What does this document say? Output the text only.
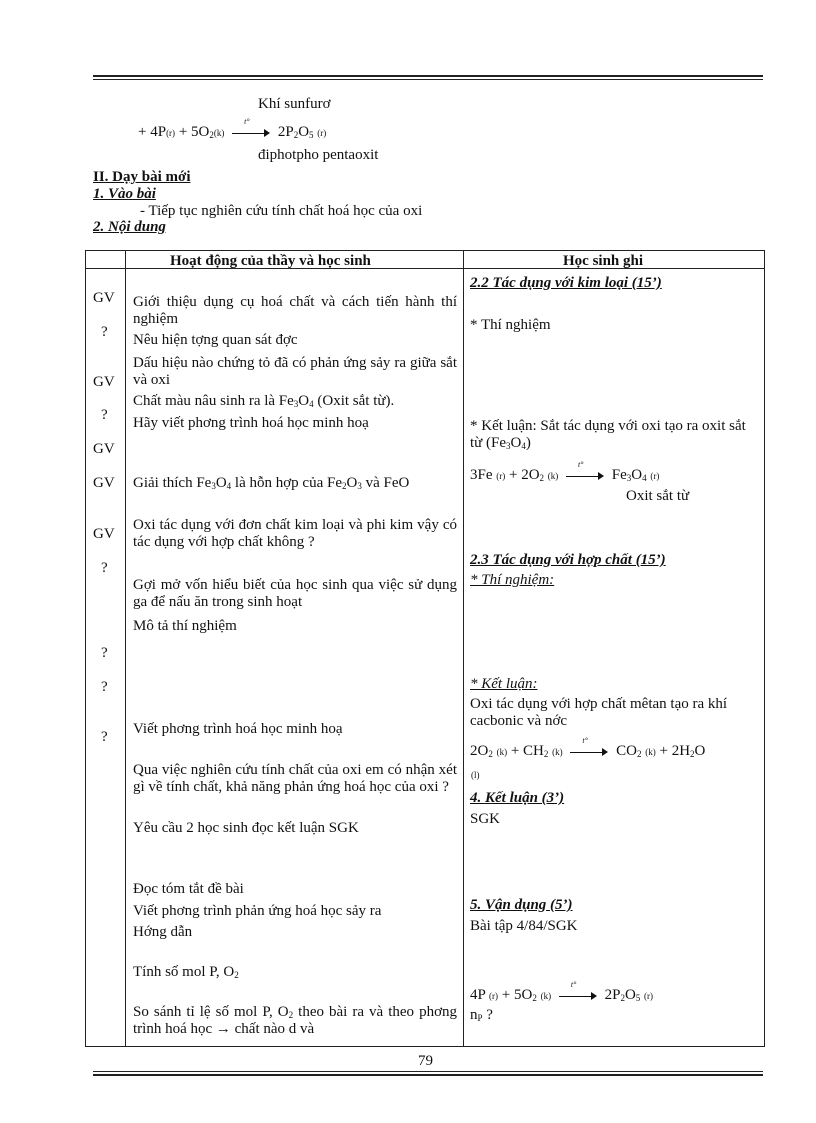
Khí sunfurơ
+ $4P(r) + 5O_2(k)$
t°
$2P_2O_5$ (r)
điphotpho pentaoxit
II. Dạy bài mới
1. Vào bài
- Tiếp tục nghiên cứu tính chất hoá học của oxi
2. Nội dung
Hoạt động của thầy và học sinh	Học sinh ghi
GV
?
GV
?
GV
GV
GV
?
?
?
?
Giới thiệu dụng cụ hoá chất và cách tiến hành thí nghiệm
Nêu hiện tợng quan sát đợc
Dấu hiệu nào chứng tỏ đã có phản ứng sảy ra giữa sắt và oxi
Chất màu nâu sinh ra là $Fe_3O_4$ (Oxit sắt từ).
Hãy viết phơng trình hoá học minh hoạ
Giải thích $Fe_3O_4$ là hỗn hợp của $Fe_2O_3$ và FeO
Oxi tác dụng với đơn chất kim loại và phi kim vậy có tác dụng với hợp chất không ?
Gợi mở vốn hiểu biết của học sinh qua việc sử dụng ga để nấu ăn trong sinh hoạt
Mô tả thí nghiệm
Viết phơng trình hoá học minh hoạ
Qua việc nghiên cứu tính chất của oxi em có nhận xét gì về tính chất, khả năng phản ứng hoá học của oxi ?
Yêu cầu 2 học sinh đọc kết luận SGK
Đọc tóm tắt đề bài
Viết phơng trình phản ứng hoá học sảy ra
Hớng dẫn
Tính số mol P, $O_2$
So sánh tỉ lệ số mol P, $O_2$ theo bài ra và theo phơng trình hoá học → chất nào d và
2.2 Tác dụng với kim loại (15’)
* Thí nghiệm
* Kết luận: Sắt tác dụng với oxi tạo ra oxit sắt từ $(Fe_3O_4)$
3Fe $(r) + 2O_2$ (k)
t°
$Fe_3O_4$ (r)
Oxit sắt từ
2.3 Tác dụng với hợp chất (15’)
* Thí nghiệm:
* Kết luận:
Oxi tác dụng với hợp chất mêtan tạo ra khí cacbonic và nớc
$2O_2$ $(k) + CH_2$ (k)
t°
$CO_2$ $(k) + 2H_2O$
(l)
4. Kết luận (3’)
SGK
5. Vận dụng (5’)
Bài tập 4/84/SGK
4P $(r) + 5O_2$ (k)
t°
$2P_2O_5$ (r)
$n_P$ ?
79
